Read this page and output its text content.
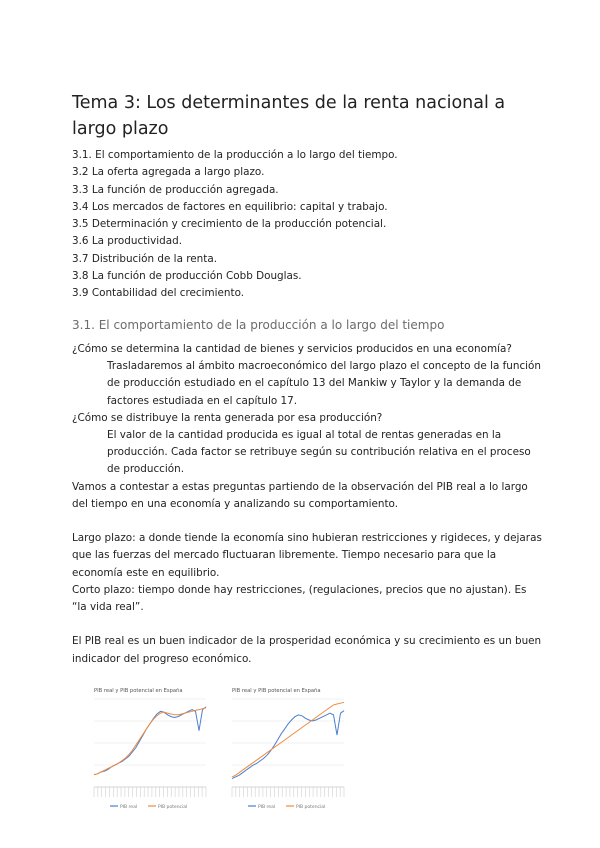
Tema 3: Los determinantes de la renta nacional a largo plazo
3.1. El comportamiento de la producción a lo largo del tiempo.
3.2 La oferta agregada a largo plazo.
3.3 La función de producción agregada.
3.4 Los mercados de factores en equilibrio: capital y trabajo.
3.5 Determinación y crecimiento de la producción potencial.
3.6 La productividad.
3.7 Distribución de la renta.
3.8 La función de producción Cobb Douglas.
3.9 Contabilidad del crecimiento.
3.1. El comportamiento de la producción a lo largo del tiempo

¿Cómo se determina la cantidad de bienes y servicios producidos en una economía?

Trasladaremos al ámbito macroeconómico del largo plazo el concepto de la función de producción estudiado en el capítulo 13 del Mankiw y Taylor y la demanda de factores estudiada en el capítulo 17.

¿Cómo se distribuye la renta generada por esa producción?

El valor de la cantidad producida es igual al total de rentas generadas en la producción. Cada factor se retribuye según su contribución relativa en el proceso de producción.

Vamos a contestar a estas preguntas partiendo de la observación del PIB real a lo largo del tiempo en una economía y analizando su comportamiento.

Largo plazo: a donde tiende la economía sino hubieran restricciones y rigideces, y dejaras que las fuerzas del mercado fluctuaran libremente. Tiempo necesario para que la economía este en equilibrio.

Corto plazo: tiempo donde hay restricciones, (regulaciones, precios que no ajustan). Es “la vida real”.

El PIB real es un buen indicador de la prosperidad económica y su crecimiento es un buen indicador del progreso económico.

PIB real y PIB potencial en España
PIB real	PIB potencial
PIB real y PIB potencial en España
PIB real	PIB potencial
